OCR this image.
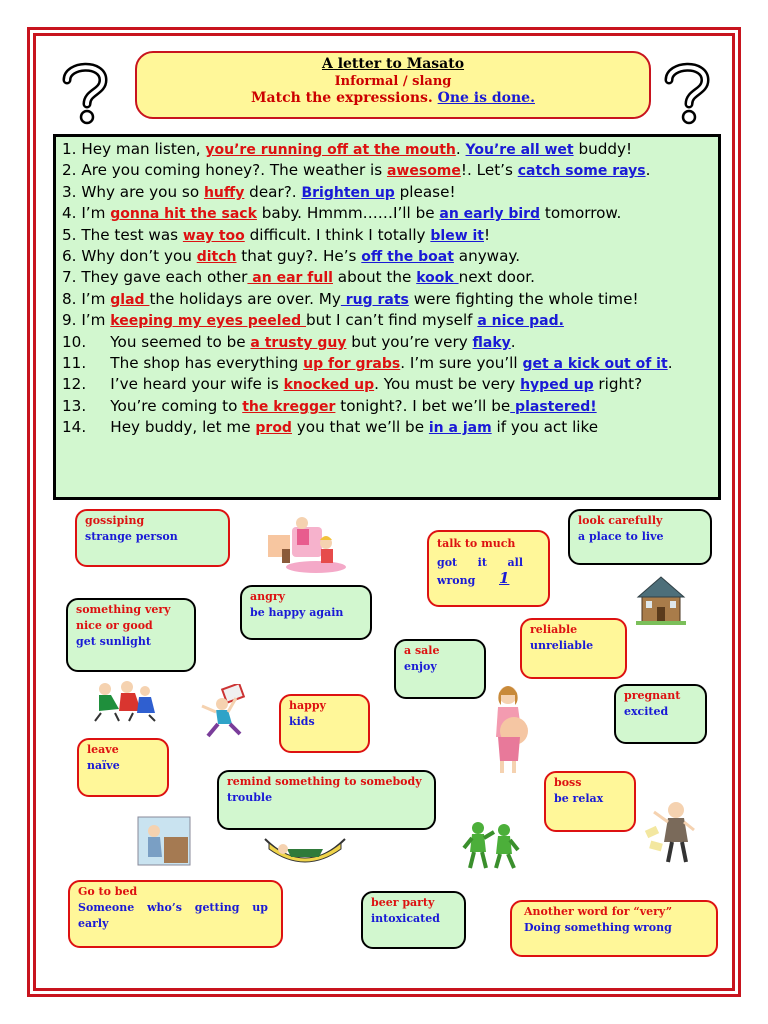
A letter to Masato
Informal / slang
Match the expressions. One is done.

1. Hey man listen, you’re running off at the mouth. You’re all wet buddy!

2. Are you coming honey?. The weather is awesome!. Let’s catch some rays.

3. Why are you so huffy dear?. Brighten up please!

4. I’m gonna hit the sack baby. Hmmm……I’ll be an early bird tomorrow.

5. The test was way too difficult. I think I totally blew it!

6. Why don’t you ditch that guy?. He’s off the boat anyway.

7. They gave each other an ear full about the kook next door.

8. I’m glad the holidays are over. My rug rats were fighting the whole time!

9. I’m keeping my eyes peeled but I can’t find myself a nice pad.

10.     You seemed to be a trusty guy but you’re very flaky.

11.     The shop has everything up for grabs. I’m sure you’ll get a kick out of it.

12.     I’ve heard your wife is knocked up. You must be very hyped up right?

13.     You’re coming to the kregger tonight?. I bet we’ll be plastered!

14.     Hey buddy, let me prod you that we’ll be in a jam if you act like

gossiping
strange person
talk to much
got it all wrong	1
look carefully
a place to live
something very nice or good
get sunlight
angry
be happy again
reliable
unreliable
a sale
enjoy
happy
kids
pregnant
excited
leave
naïve
remind something to somebody
trouble
boss
be relax
Go to bed
Someone who’s getting up early
beer party
intoxicated
Another word for “very”
Doing something wrong
